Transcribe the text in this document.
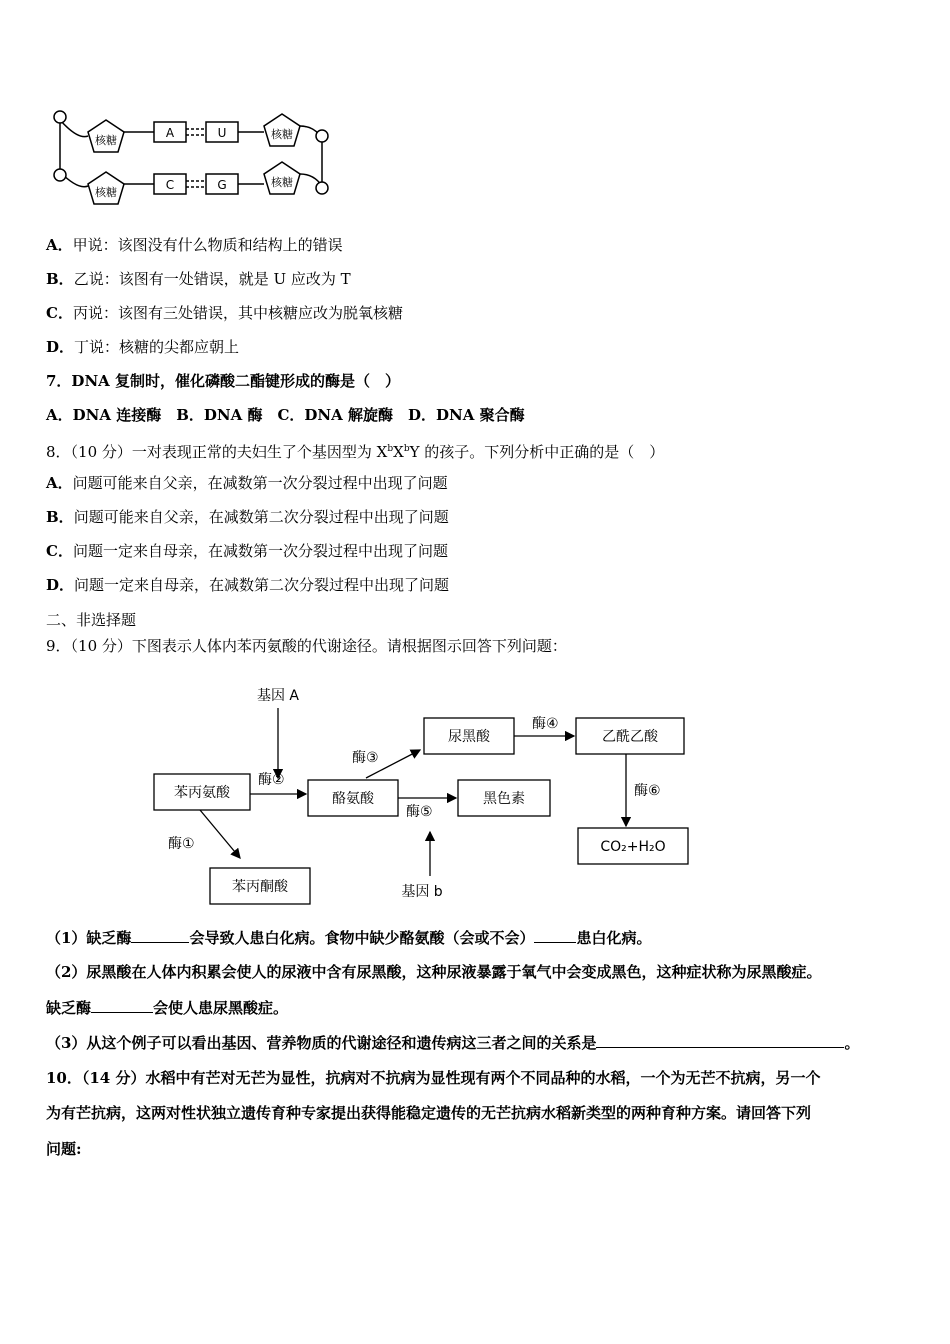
核糖
A	U	核糖
核糖
C	G	核糖
A．甲说：该图没有什么物质和结构上的错误
B．乙说：该图有一处错误，就是 U 应改为 T
C．丙说：该图有三处错误，其中核糖应改为脱氧核糖
D．丁说：核糖的尖都应朝上
7．DNA 复制时，催化磷酸二酯键形成的酶是（　）
A．DNA 连接酶　B．DNA 酶　C．DNA 解旋酶　D．DNA 聚合酶
8．（10 分）一对表现正常的夫妇生了个基因型为 $X^bX^bY$ 的孩子。下列分析中正确的是（　）
A．问题可能来自父亲，在减数第一次分裂过程中出现了问题
B．问题可能来自父亲，在减数第二次分裂过程中出现了问题
C．问题一定来自母亲，在减数第一次分裂过程中出现了问题
D．问题一定来自母亲，在减数第二次分裂过程中出现了问题
二、非选择题
9．（10 分）下图表示人体内苯丙氨酸的代谢途径。请根据图示回答下列问题：
基因 A
苯丙氨酸
酶②
酪氨酸
酶③
尿黑酸
酶④
乙酰乙酸
酶⑥
CO₂+H₂O
酶⑤
黑色素
基因 b
酶①
苯丙酮酸
（1）缺乏酶	会导致人患白化病。食物中缺少酪氨酸（会或不会）	患白化病。
（2）尿黑酸在人体内积累会使人的尿液中含有尿黑酸，这种尿液暴露于氧气中会变成黑色，这种症状称为尿黑酸症。
缺乏酶	会使人患尿黑酸症。
（3）从这个例子可以看出基因、营养物质的代谢途径和遗传病这三者之间的关系是	。
10．（14 分）水稻中有芒对无芒为显性，抗病对不抗病为显性现有两个不同品种的水稻，一个为无芒不抗病，另一个
为有芒抗病，这两对性状独立遗传育种专家提出获得能稳定遗传的无芒抗病水稻新类型的两种育种方案。请回答下列
问题:
